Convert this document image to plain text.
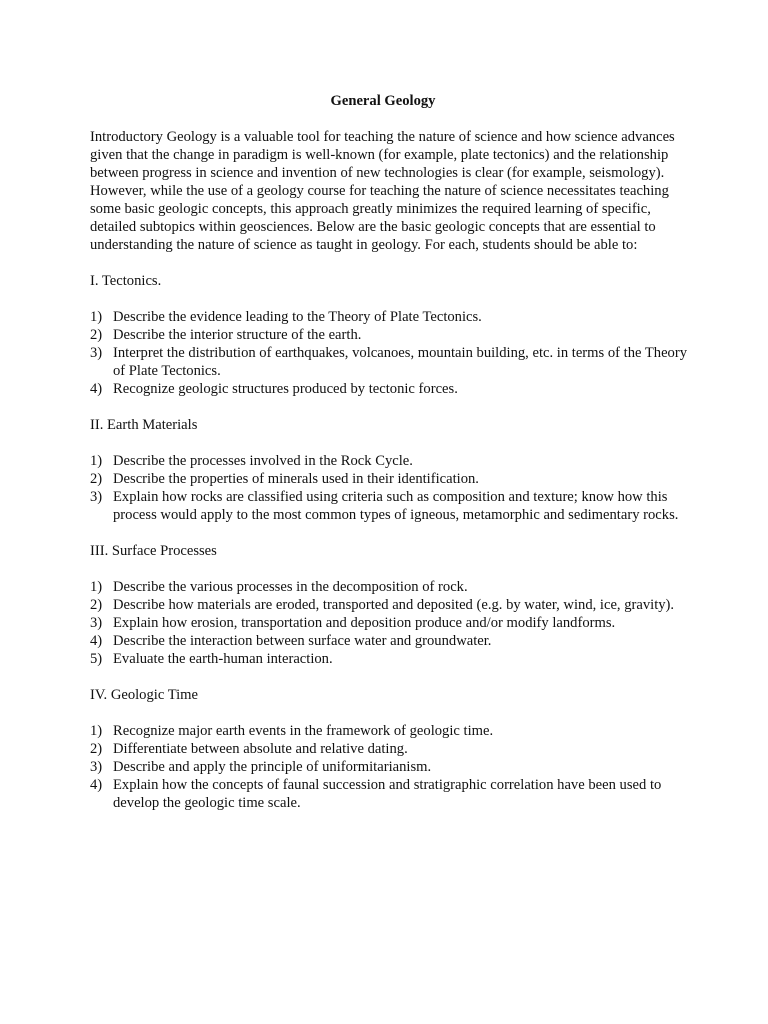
General Geology
Introductory Geology is a valuable tool for teaching the nature of science and how science advances given that the change in paradigm is well-known (for example, plate tectonics) and the relationship between progress in science and invention of new technologies is clear (for example, seismology). However, while the use of a geology course for teaching the nature of science necessitates teaching some basic geologic concepts, this approach greatly minimizes the required learning of specific, detailed subtopics within geosciences. Below are the basic geologic concepts that are essential to understanding the nature of science as taught in geology. For each, students should be able to:
I. Tectonics.
1) Describe the evidence leading to the Theory of Plate Tectonics.
2) Describe the interior structure of the earth.
3) Interpret the distribution of earthquakes, volcanoes, mountain building, etc. in terms of the Theory of Plate Tectonics.
4) Recognize geologic structures produced by tectonic forces.
II. Earth Materials
1) Describe the processes involved in the Rock Cycle.
2) Describe the properties of minerals used in their identification.
3) Explain how rocks are classified using criteria such as composition and texture; know how this process would apply to the most common types of igneous, metamorphic and sedimentary rocks.
III. Surface Processes
1) Describe the various processes in the decomposition of rock.
2) Describe how materials are eroded, transported and deposited (e.g. by water, wind, ice, gravity).
3) Explain how erosion, transportation and deposition produce and/or modify landforms.
4) Describe the interaction between surface water and groundwater.
5) Evaluate the earth-human interaction.
IV. Geologic Time
1) Recognize major earth events in the framework of geologic time.
2) Differentiate between absolute and relative dating.
3) Describe and apply the principle of uniformitarianism.
4) Explain how the concepts of faunal succession and stratigraphic correlation have been used to develop the geologic time scale.
